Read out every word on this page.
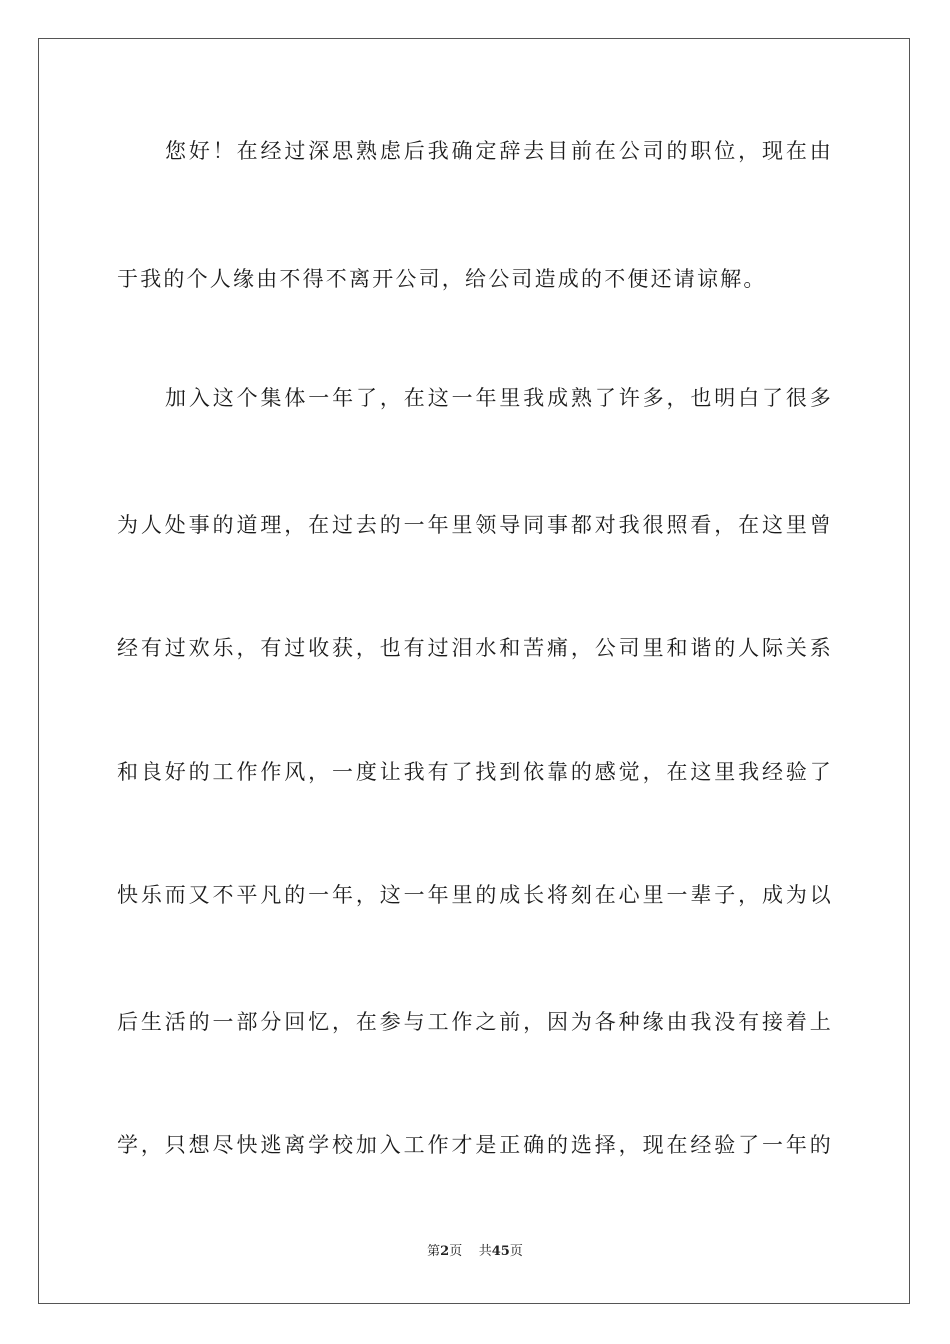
您好！在经过深思熟虑后我确定辞去目前在公司的职位，现在由
于我的个人缘由不得不离开公司，给公司造成的不便还请谅解。
加入这个集体一年了，在这一年里我成熟了许多，也明白了很多
为人处事的道理，在过去的一年里领导同事都对我很照看，在这里曾
经有过欢乐，有过收获，也有过泪水和苦痛，公司里和谐的人际关系
和良好的工作作风，一度让我有了找到依靠的感觉，在这里我经验了
快乐而又不平凡的一年，这一年里的成长将刻在心里一辈子，成为以
后生活的一部分回忆，在参与工作之前，因为各种缘由我没有接着上
学，只想尽快逃离学校加入工作才是正确的选择，现在经验了一年的
第2页 共45页
